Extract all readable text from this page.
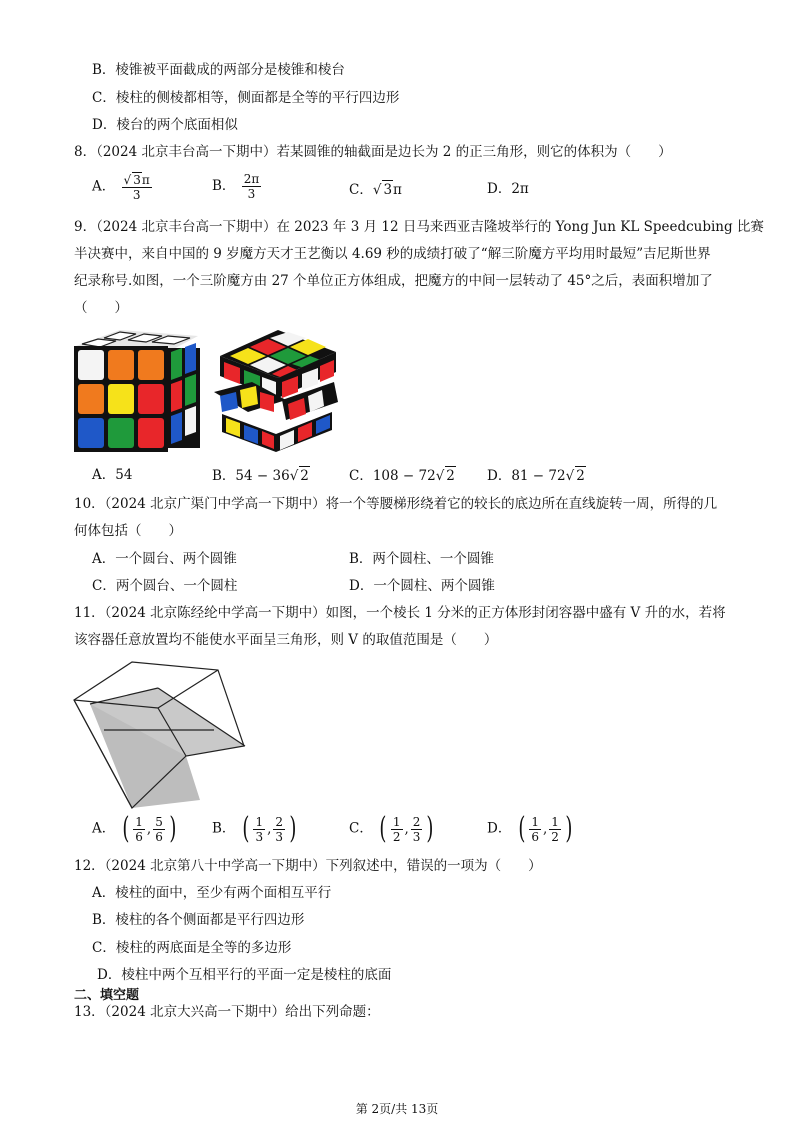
B．棱锥被平面截成的两部分是棱锥和棱台
C．棱柱的侧棱都相等，侧面都是全等的平行四边形
D．棱台的两个底面相似
8．（2024 北京丰台高一下期中）若某圆锥的轴截面是边长为 2 的正三角形，则它的体积为（　　）
A． $\frac{√ 3\pi}{3}$	B． $\frac{2\pi}{3}$	C．√ 3π	D．2π
9．（2024 北京丰台高一下期中）在 2023 年 3 月 12 日马来西亚吉隆坡举行的 Yong Jun KL Speedcubing 比赛
半决赛中，来自中国的 9 岁魔方天才王艺衡以 4.69 秒的成绩打破了“解三阶魔方平均用时最短”吉尼斯世界
纪录称号.如图，一个三阶魔方由 27 个单位正方体组成，把魔方的中间一层转动了 45°之后，表面积增加了
（　　）
A．54	B．54 − 36√ 2	C．108 − 72√ 2 D．81 − 72√ 2
10．（2024 北京广渠门中学高一下期中）将一个等腰梯形绕着它的较长的底边所在直线旋转一周，所得的几
何体包括（　　）
A．一个圆台、两个圆锥	B．两个圆柱、一个圆锥
C．两个圆台、一个圆柱	D．一个圆柱、两个圆锥
11．（2024 北京陈经纶中学高一下期中）如图，一个棱长 1 分米的正方体形封闭容器中盛有 V 升的水，若将
该容器任意放置均不能使水平面呈三角形，则 V 的取值范围是（　　）
A． ( $\frac{1}{6}$ , $\frac{5}{6}$ )	B． ( $\frac{1}{3}$ , $\frac{2}{3}$ )	C． ( $\frac{1}{2}$ , $\frac{2}{3}$ )	D． ( $\frac{1}{6}$ , $\frac{1}{2}$ )
12．（2024 北京第八十中学高一下期中）下列叙述中，错误的一项为（　　）
A．棱柱的面中，至少有两个面相互平行
B．棱柱的各个侧面都是平行四边形
C．棱柱的两底面是全等的多边形
D．棱柱中两个互相平行的平面一定是棱柱的底面
二、填空题
13．（2024 北京大兴高一下期中）给出下列命题：
第 2页/共 13页
